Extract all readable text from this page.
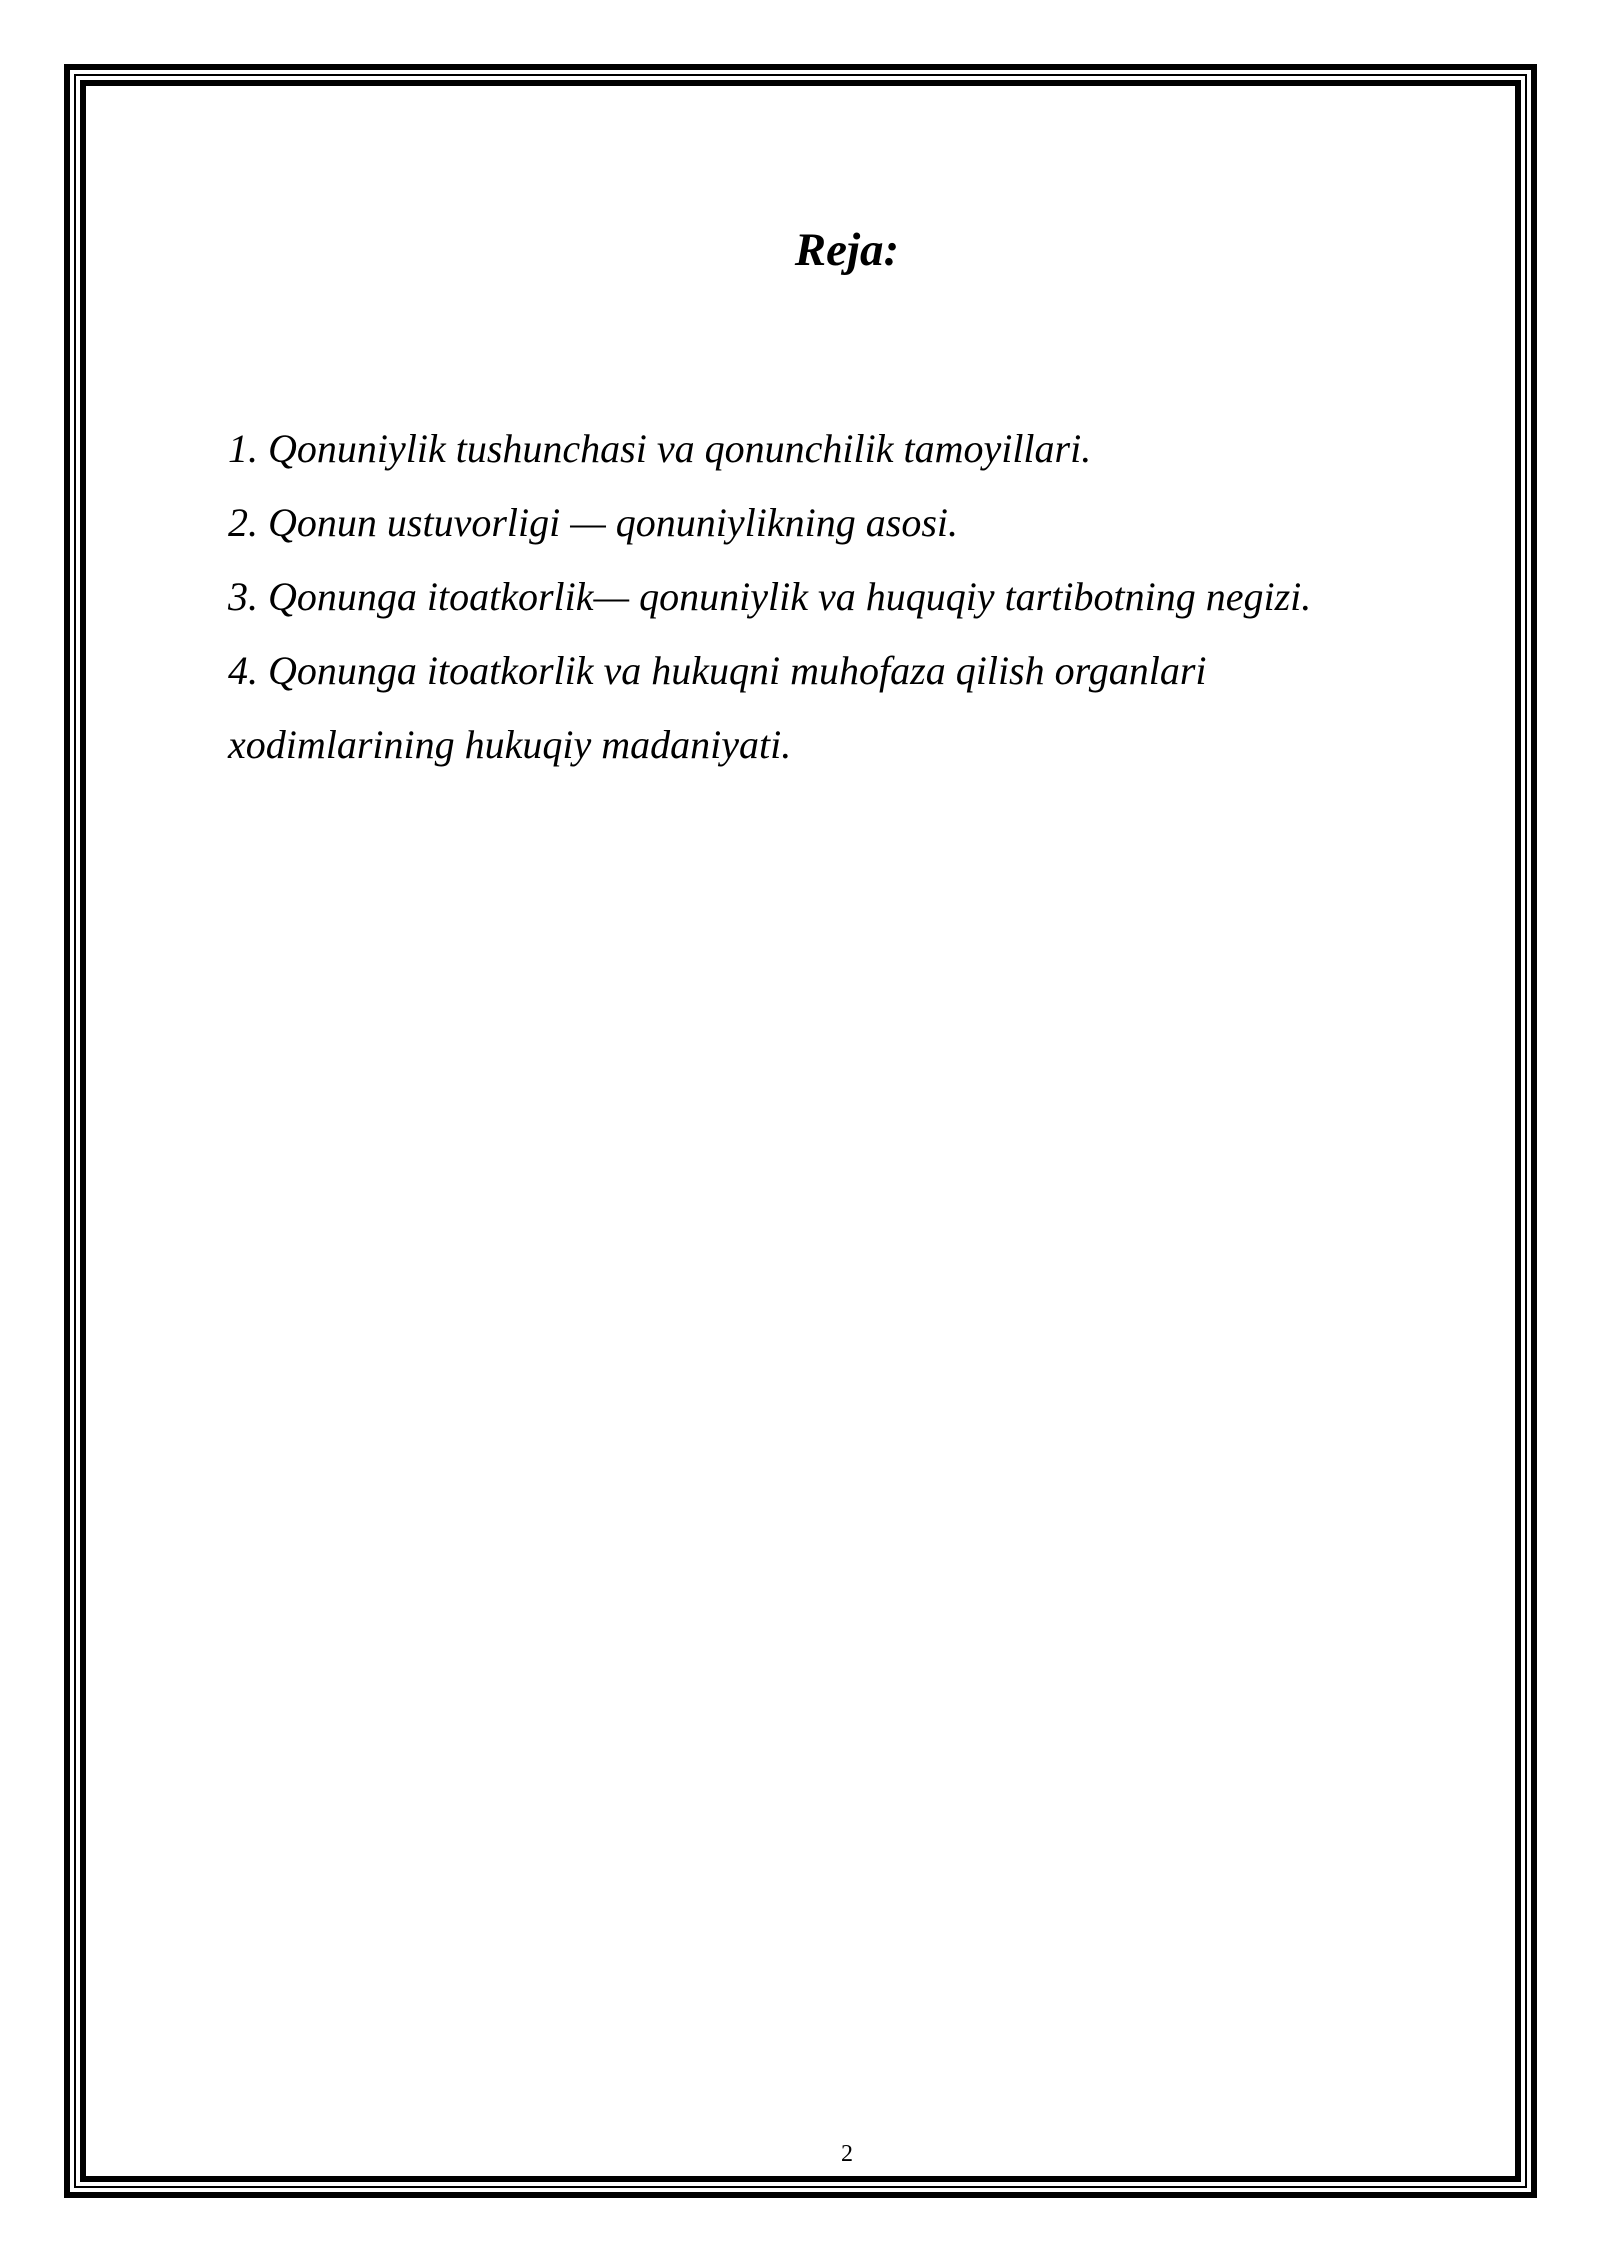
Reja:
1. Qonuniylik tushunchasi va qonunchilik tamoyillari.
2. Qonun ustuvorligi — qonuniylikning asosi.
3. Qonunga itoatkorlik— qonuniylik va huquqiy tartibotning negizi.
4. Qonunga itoatkorlik va hukuqni muhofaza qilish organlari xodimlarining hukuqiy madaniyati.
2
